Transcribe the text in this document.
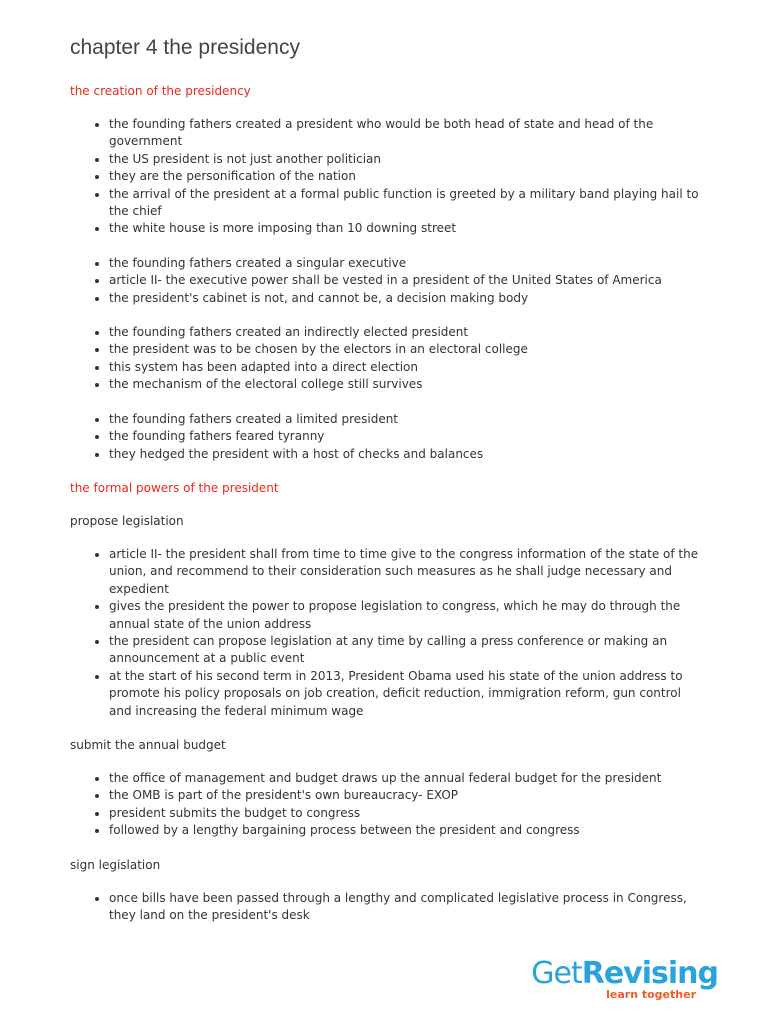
chapter 4 the presidency
the creation of the presidency
the founding fathers created a president who would be both head of state and head of the government
the US president is not just another politician
they are the personification of the nation
the arrival of the president at a formal public function is greeted by a military band playing hail to the chief
the white house is more imposing than 10 downing street
the founding fathers created a singular executive
article II- the executive power shall be vested in a president of the United States of America
the president's cabinet is not, and cannot be, a decision making body
the founding fathers created an indirectly elected president
the president was to be chosen by the electors in an electoral college
this system has been adapted into a direct election
the mechanism of the electoral college still survives
the founding fathers created a limited president
the founding fathers feared tyranny
they hedged the president with a host of checks and balances
the formal powers of the president
propose legislation
article II- the president shall from time to time give to the congress information of the state of the union, and recommend to their consideration such measures as he shall judge necessary and expedient
gives the president the power to propose legislation to congress, which he may do through the annual state of the union address
the president can propose legislation at any time by calling a press conference or making an announcement at a public event
at the start of his second term in 2013, President Obama used his state of the union address to promote his policy proposals on job creation, deficit reduction, immigration reform, gun control and increasing the federal minimum wage
submit the annual budget
the office of management and budget draws up the annual federal budget for the president
the OMB is part of the president's own bureaucracy- EXOP
president submits the budget to congress
followed by a lengthy bargaining process between the president and congress
sign legislation
once bills have been passed through a lengthy and complicated legislative process in Congress, they land on the president's desk
GetRevising
learn together
